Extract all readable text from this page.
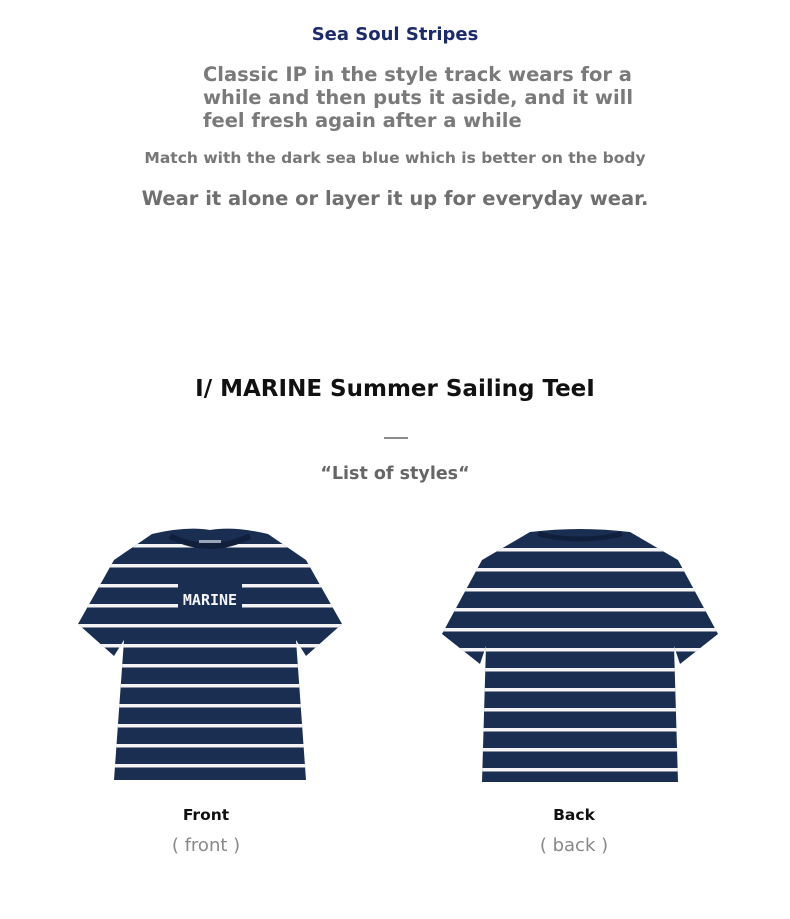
Sea Soul Stripes
Classic IP in the style track wears for a
while and then puts it aside, and it will
feel fresh again after a while
Match with the dark sea blue which is better on the body
Wear it alone or layer it up for everyday wear.
I/ MARINE Summer Sailing TeeI
“List of styles“
MARINE
Front
( front )
Back
( back )
